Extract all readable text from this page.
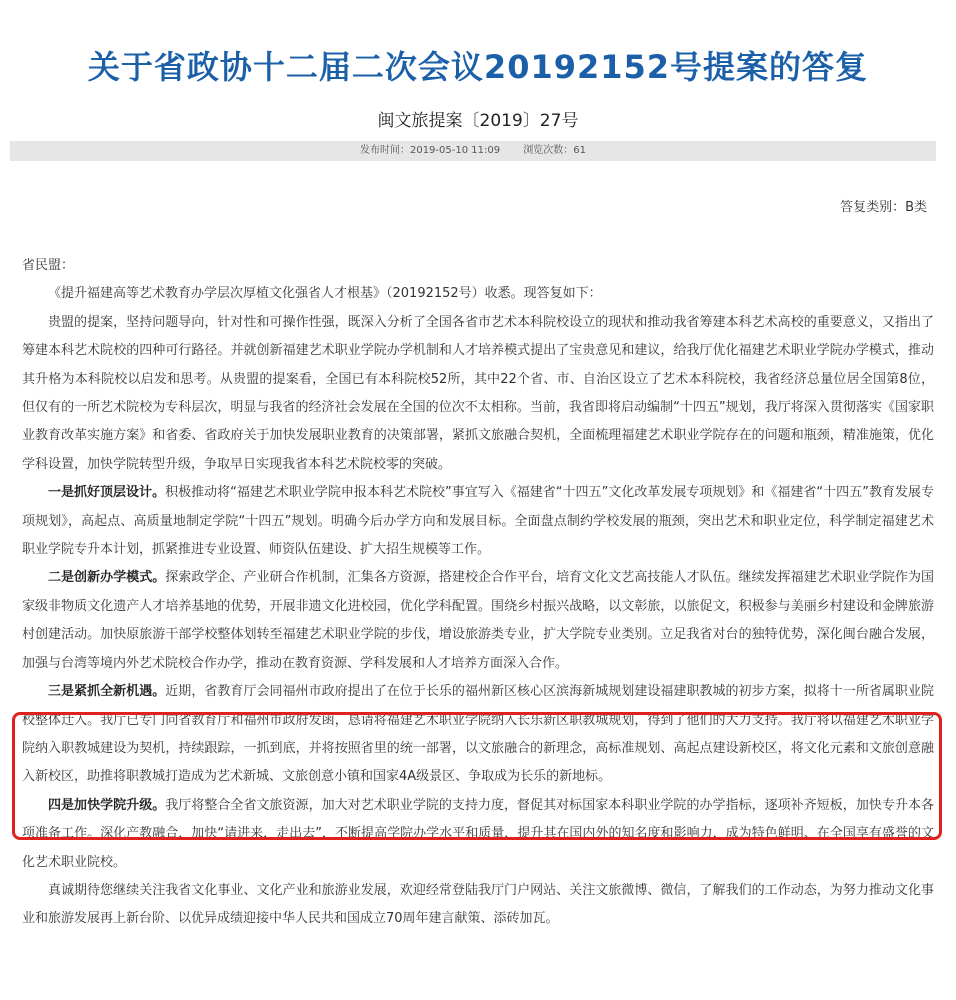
关于省政协十二届二次会议20192152号提案的答复
闽文旅提案〔2019〕27号
发布时间：2019-05-10 11:09 浏览次数：61
答复类别：B类

省民盟：

《提升福建高等艺术教育办学层次厚植文化强省人才根基》（20192152号）收悉。现答复如下：

贵盟的提案，坚持问题导向，针对性和可操作性强，既深入分析了全国各省市艺术本科院校设立的现状和推动我省筹建本科艺术高校的重要意义，又指出了筹建本科艺术院校的四种可行路径。并就创新福建艺术职业学院办学机制和人才培养模式提出了宝贵意见和建议，给我厅优化福建艺术职业学院办学模式，推动其升格为本科院校以启发和思考。从贵盟的提案看，全国已有本科院校52所，其中22个省、市、自治区设立了艺术本科院校，我省经济总量位居全国第8位，但仅有的一所艺术院校为专科层次，明显与我省的经济社会发展在全国的位次不太相称。当前，我省即将启动编制“十四五”规划，我厅将深入贯彻落实《国家职业教育改革实施方案》和省委、省政府关于加快发展职业教育的决策部署，紧抓文旅融合契机，全面梳理福建艺术职业学院存在的问题和瓶颈，精准施策，优化学科设置，加快学院转型升级，争取早日实现我省本科艺术院校零的突破。

一是抓好顶层设计。积极推动将“福建艺术职业学院申报本科艺术院校”事宜写入《福建省“十四五”文化改革发展专项规划》和《福建省“十四五”教育发展专项规划》，高起点、高质量地制定学院“十四五”规划。明确今后办学方向和发展目标。全面盘点制约学校发展的瓶颈，突出艺术和职业定位，科学制定福建艺术职业学院专升本计划，抓紧推进专业设置、师资队伍建设、扩大招生规模等工作。

二是创新办学模式。探索政学企、产业研合作机制，汇集各方资源，搭建校企合作平台，培育文化文艺高技能人才队伍。继续发挥福建艺术职业学院作为国家级非物质文化遗产人才培养基地的优势，开展非遗文化进校园，优化学科配置。围绕乡村振兴战略，以文彰旅，以旅促文，积极参与美丽乡村建设和金牌旅游村创建活动。加快原旅游干部学校整体划转至福建艺术职业学院的步伐，增设旅游类专业，扩大学院专业类别。立足我省对台的独特优势，深化闽台融合发展，加强与台湾等境内外艺术院校合作办学，推动在教育资源、学科发展和人才培养方面深入合作。

三是紧抓全新机遇。近期，省教育厅会同福州市政府提出了在位于长乐的福州新区核心区滨海新城规划建设福建职教城的初步方案，拟将十一所省属职业院校整体迁入。我厅已专门向省教育厅和福州市政府发函，恳请将福建艺术职业学院纳入长乐新区职教城规划，得到了他们的大力支持。我厅将以福建艺术职业学院纳入职教城建设为契机，持续跟踪，一抓到底，并将按照省里的统一部署，以文旅融合的新理念，高标准规划、高起点建设新校区，将文化元素和文旅创意融入新校区，助推将职教城打造成为艺术新城、文旅创意小镇和国家4A级景区、争取成为长乐的新地标。

四是加快学院升级。我厅将整合全省文旅资源，加大对艺术职业学院的支持力度，督促其对标国家本科职业学院的办学指标，逐项补齐短板，加快专升本各项准备工作。深化产教融合，加快“请进来，走出去”，不断提高学院办学水平和质量，提升其在国内外的知名度和影响力，成为特色鲜明、在全国享有盛誉的文化艺术职业院校。

真诚期待您继续关注我省文化事业、文化产业和旅游业发展，欢迎经常登陆我厅门户网站、关注文旅微博、微信，了解我们的工作动态，为努力推动文化事业和旅游发展再上新台阶、以优异成绩迎接中华人民共和国成立70周年建言献策、添砖加瓦。
